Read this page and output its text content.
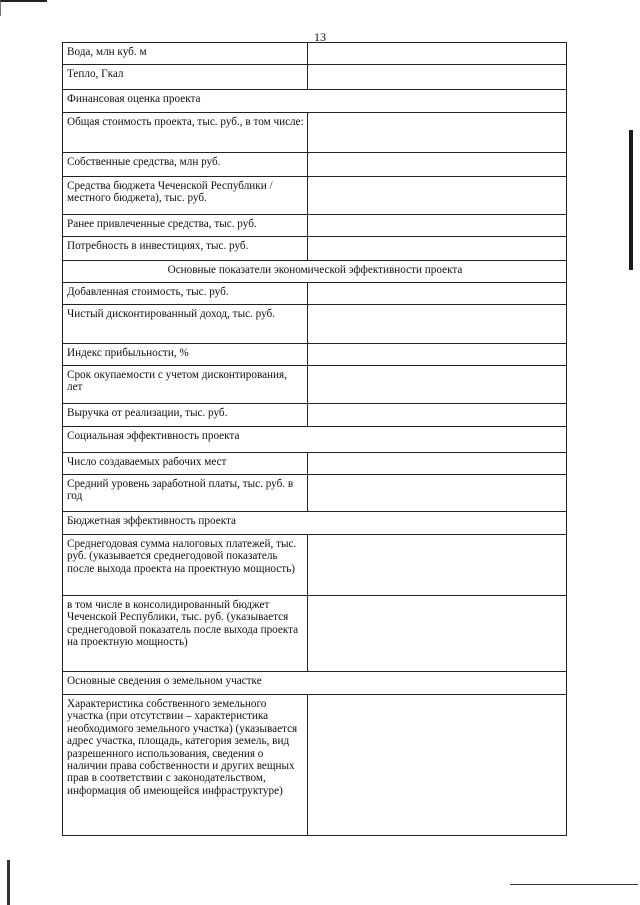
13
Вода, млн куб. м	
Тепло, Гкал	
Финансовая оценка проекта	
Общая стоимость проекта, тыс. руб., в том числе:	
Собственные средства, млн руб.	
Средства бюджета Чеченской Республики /местного бюджета), тыс. руб.	
Ранее привлеченные средства, тыс. руб.	
Потребность в инвестициях, тыс. руб.	
Основные показатели экономической эффективности проекта	
Добавленная стоимость, тыс. руб.	
Чистый дисконтированный доход, тыс. руб.	
Индекс прибыльности, %	
Срок окупаемости с учетом дисконтирования, лет	
Выручка от реализации, тыс. руб.	
Социальная эффективность проекта	
Число создаваемых рабочих мест	
Средний уровень заработной платы, тыс. руб. в год	
Бюджетная эффективность проекта	
Среднегодовая сумма налоговых платежей, тыс. руб. (указывается среднегодовой показатель после выхода проекта на проектную мощность)	
в том числе в консолидированный бюджет Чеченской Республики, тыс. руб. (указывается среднегодовой показатель после выхода проекта на проектную мощность)	
Основные сведения о земельном участке	
Характеристика собственного земельного участка (при отсутствии – характеристика необходимого земельного участка) (указывается адрес участка, площадь, категория земель, вид разрешенного использования, сведения о наличии права собственности и других вещных прав в соответствии с законодательством, информация об имеющейся инфраструктуре)	
